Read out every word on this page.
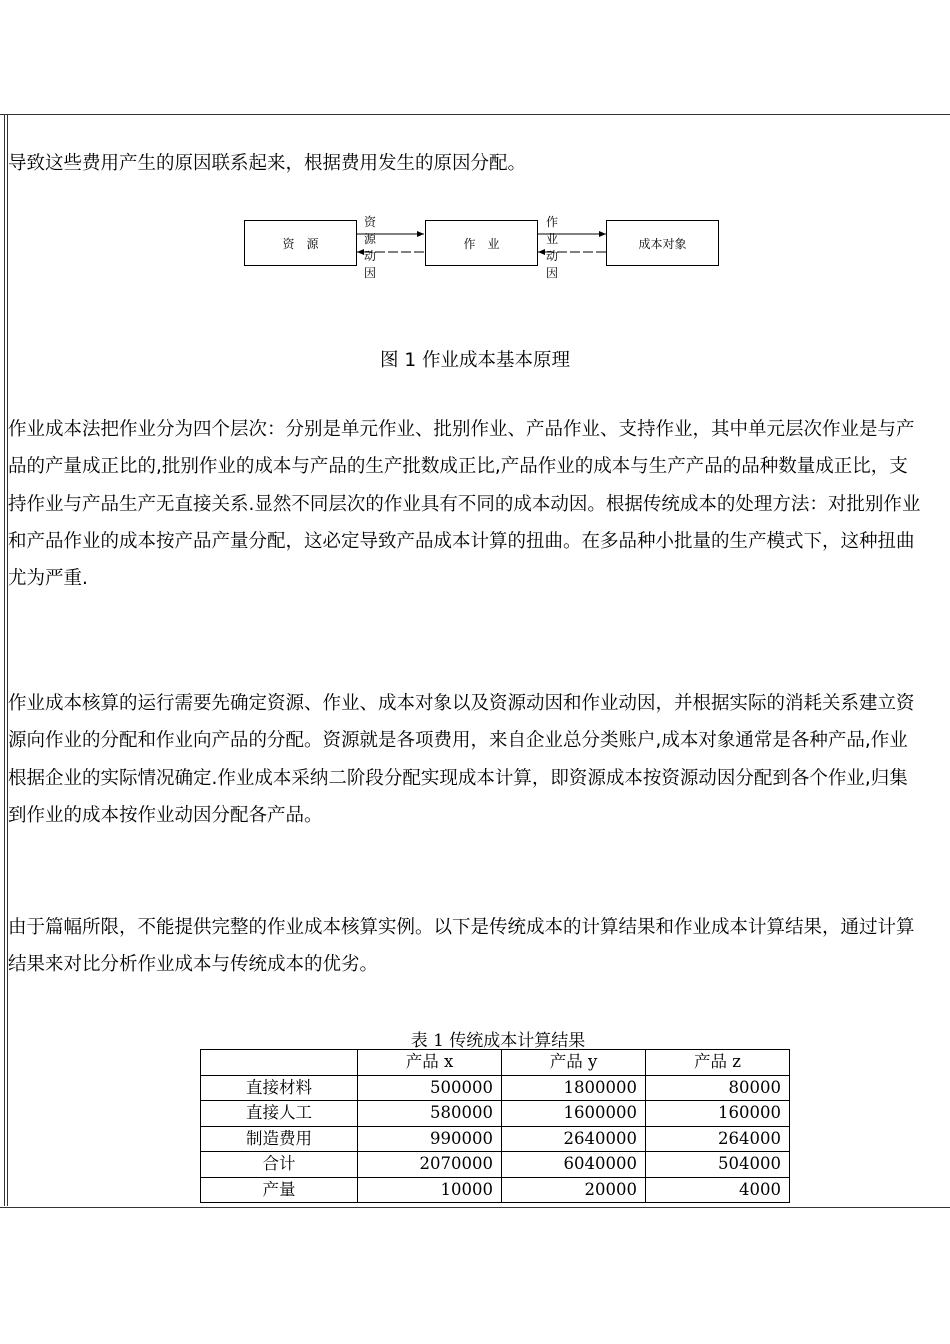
导致这些费用产生的原因联系起来，根据费用发生的原因分配。
资　源	作　业	成本对象
资源动因
作业动因
图 1 作业成本基本原理
作业成本法把作业分为四个层次：分别是单元作业、批别作业、产品作业、支持作业，其中单元层次作业是与产
品的产量成正比的,批别作业的成本与产品的生产批数成正比,产品作业的成本与生产产品的品种数量成正比，支
持作业与产品生产无直接关系.显然不同层次的作业具有不同的成本动因。根据传统成本的处理方法：对批别作业
和产品作业的成本按产品产量分配，这必定导致产品成本计算的扭曲。在多品种小批量的生产模式下，这种扭曲
尤为严重.
作业成本核算的运行需要先确定资源、作业、成本对象以及资源动因和作业动因，并根据实际的消耗关系建立资
源向作业的分配和作业向产品的分配。资源就是各项费用，来自企业总分类账户,成本对象通常是各种产品,作业
根据企业的实际情况确定.作业成本采纳二阶段分配实现成本计算，即资源成本按资源动因分配到各个作业,归集
到作业的成本按作业动因分配各产品。
由于篇幅所限，不能提供完整的作业成本核算实例。以下是传统成本的计算结果和作业成本计算结果，通过计算
结果来对比分析作业成本与传统成本的优劣。
表 1 传统成本计算结果
	产品 x	产品 y	产品 z
直接材料	500000	1800000	80000
直接人工	580000	1600000	160000
制造费用	990000	2640000	264000
合计	2070000	6040000	504000
产量	10000	20000	4000
